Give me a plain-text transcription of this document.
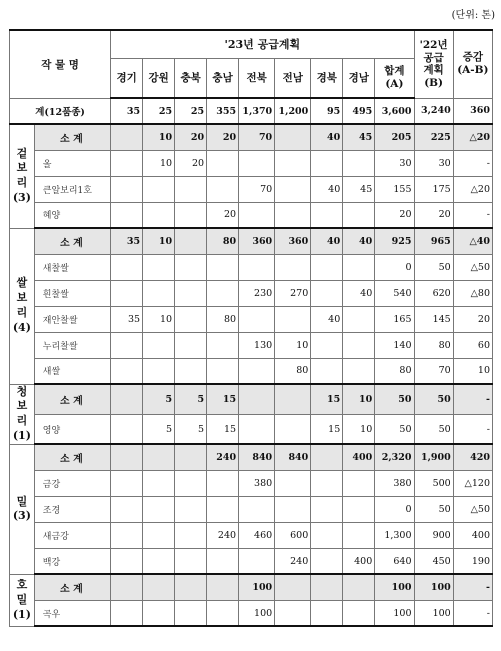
(단위: 톤)
작 물 명		'23년 공급계획									'22년
공급
계획
(B)	증감
(A-B)
		경기	강원	충북	충남	전북	전남	경북	경남	합계
(A)		
계(12품종)		35	25	25	355	1,370	1,200	95	495	3,600	3,240	360
겉
보
리
(3)	소 계		10	20	20	70		40	45	205	225	△20
	올		10	20						30	30	-
	큰알보리1호					70		40	45	155	175	△20
	혜양				20					20	20	-
쌀
보
리
(4)	소 계	35	10		80	360	360	40	40	925	965	△40
	새찰쌀									0	50	△50
	흰찰쌀					230	270		40	540	620	△80
	재안찰쌀	35	10		80			40		165	145	20
	누리찰쌀					130	10			140	80	60
	새쌀						80			80	70	10
청
보
리
(1)	소 계		5	5	15			15	10	50	50	-
	영양		5	5	15			15	10	50	50	-
밀
(3)	소 계				240	840	840		400	2,320	1,900	420
	금강					380				380	500	△120
	조경									0	50	△50
	새금강				240	460	600			1,300	900	400
	백강						240		400	640	450	190
호
밀
(1)	소 계					100				100	100	-
	곡우					100				100	100	-
